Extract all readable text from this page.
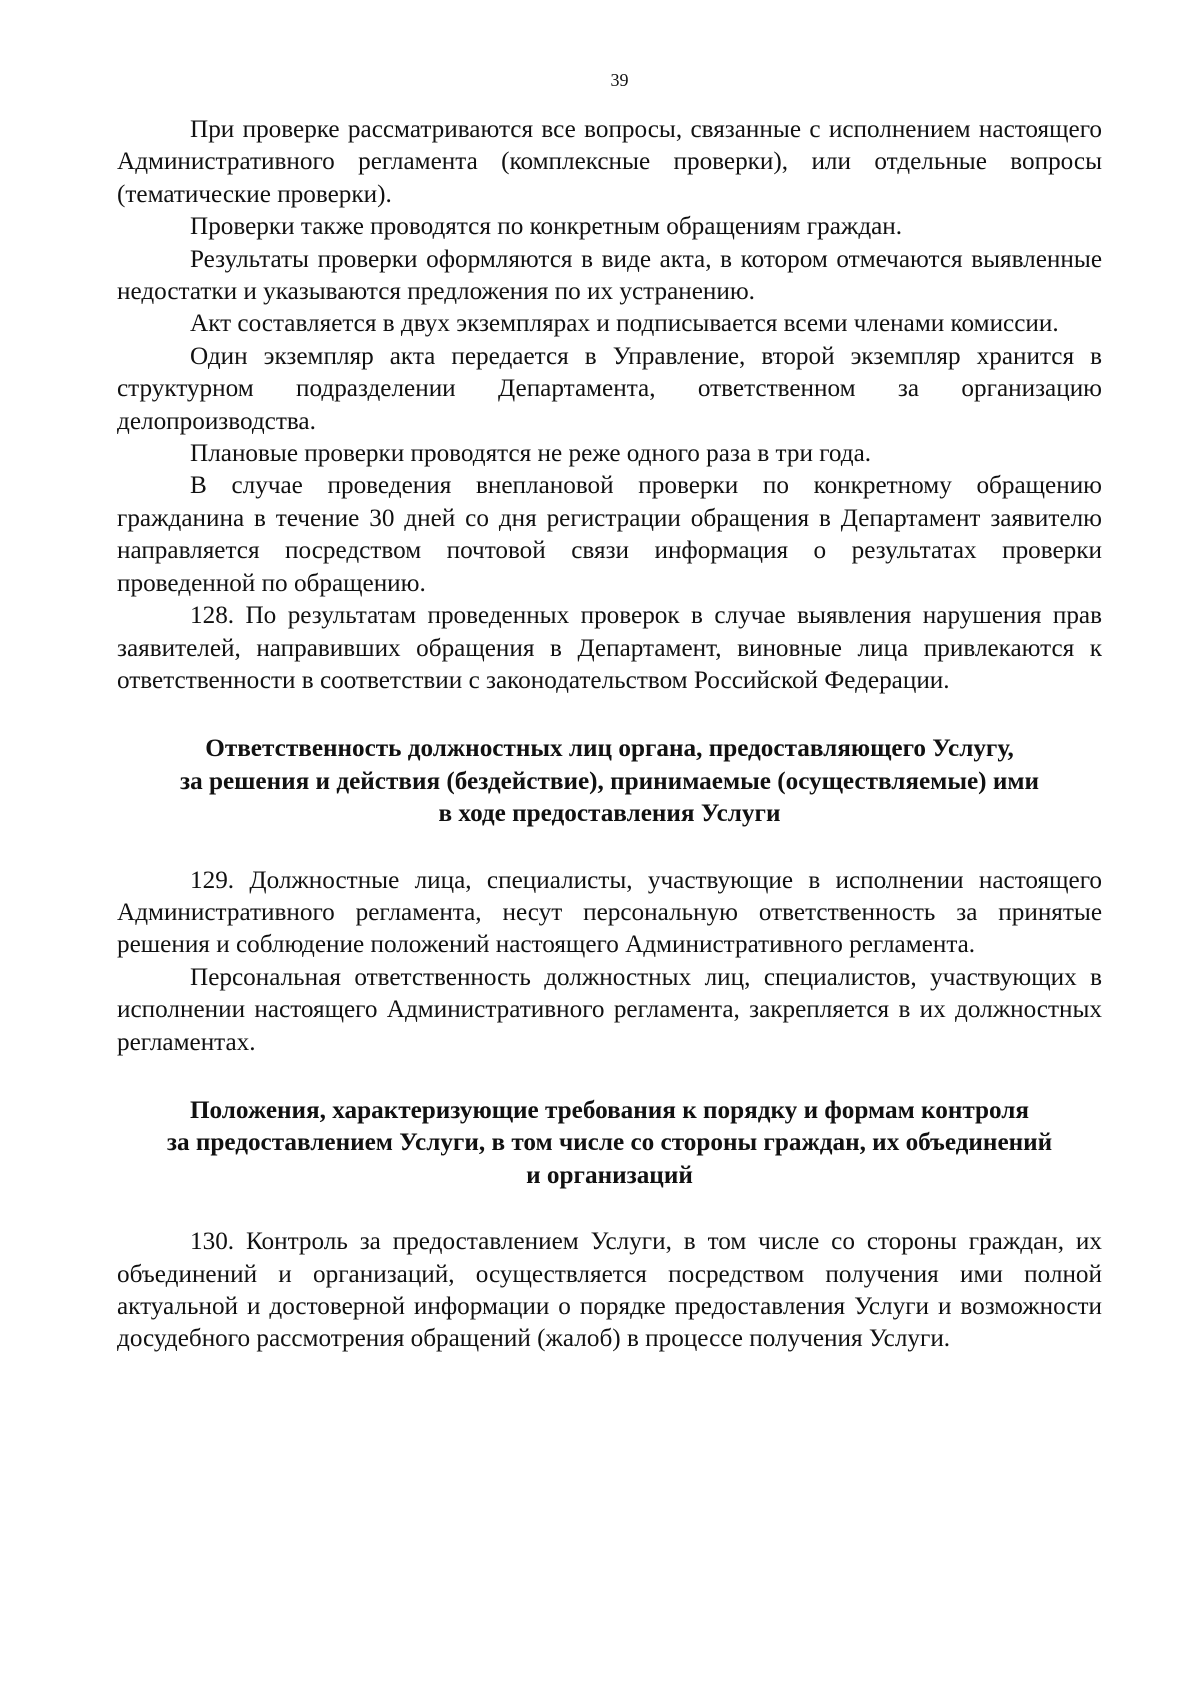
39

При проверке рассматриваются все вопросы, связанные с исполнением настоящего Административного регламента (комплексные проверки), или отдельные вопросы (тематические проверки).

Проверки также проводятся по конкретным обращениям граждан.

Результаты проверки оформляются в виде акта, в котором отмечаются выявленные недостатки и указываются предложения по их устранению.

Акт составляется в двух экземплярах и подписывается всеми членами комиссии.

Один экземпляр акта передается в Управление, второй экземпляр хранится в структурном подразделении Департамента, ответственном за организацию делопроизводства.

Плановые проверки проводятся не реже одного раза в три года.

В случае проведения внеплановой проверки по конкретному обращению гражданина в течение 30 дней со дня регистрации обращения в Департамент заявителю направляется посредством почтовой связи информация о результатах проверки проведенной по обращению.

128. По результатам проведенных проверок в случае выявления нарушения прав заявителей, направивших обращения в Департамент, виновные лица привлекаются к ответственности в соответствии с законодательством Российской Федерации.

Ответственность должностных лиц органа, предоставляющего Услугу,
за решения и действия (бездействие), принимаемые (осуществляемые) ими
в ходе предоставления Услуги

129. Должностные лица, специалисты, участвующие в исполнении настоящего Административного регламента, несут персональную ответственность за принятые решения и соблюдение положений настоящего Административного регламента.

Персональная ответственность должностных лиц, специалистов, участвующих в исполнении настоящего Административного регламента, закрепляется в их должностных регламентах.

Положения, характеризующие требования к порядку и формам контроля
за предоставлением Услуги, в том числе со стороны граждан, их объединений
и организаций

130. Контроль за предоставлением Услуги, в том числе со стороны граждан, их объединений и организаций, осуществляется посредством получения ими полной актуальной и достоверной информации о порядке предоставления Услуги и возможности досудебного рассмотрения обращений (жалоб) в процессе получения Услуги.
